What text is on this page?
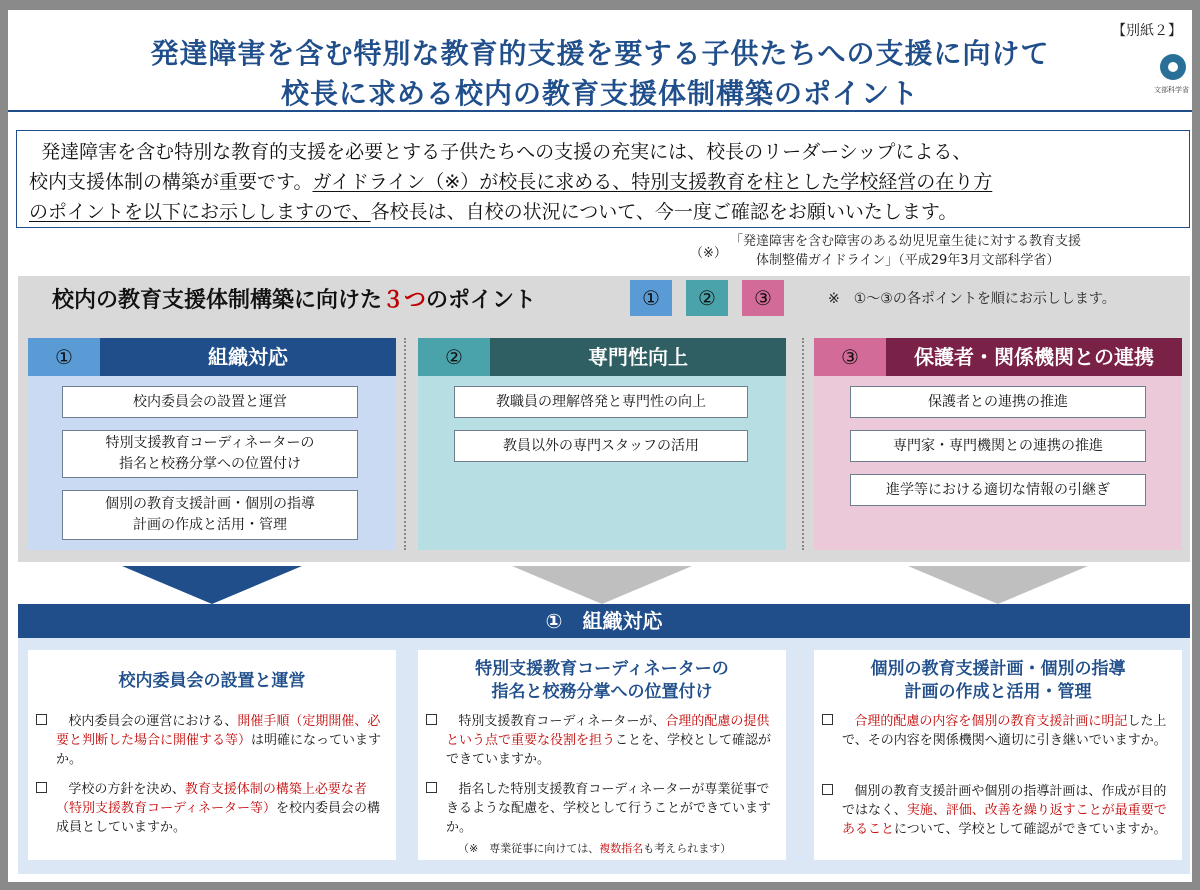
【別紙２】
発達障害を含む特別な教育的支援を要する子供たちへの支援に向けて
校長に求める校内の教育支援体制構築のポイント	文部科学省
発達障害を含む特別な教育的支援を必要とする子供たちへの支援の充実には、校長のリーダーシップによる、
校内支援体制の構築が重要です。ガイドライン（※）が校長に求める、特別支援教育を柱とした学校経営の在り方
のポイントを以下にお示ししますので、各校長は、自校の状況について、今一度ご確認をお願いいたします。
（※）
「発達障害を含む障害のある幼児児童生徒に対する教育支援
体制整備ガイドライン」（平成29年3月文部科学省）
校内の教育支援体制構築に向けた３つのポイント	①	②	③	※　①～③の各ポイントを順にお示しします。
①	組織対応
校内委員会の設置と運営
特別支援教育コーディネーターの
指名と校務分掌への位置付け
個別の教育支援計画・個別の指導
計画の作成と活用・管理
②	専門性向上
教職員の理解啓発と専門性の向上
教員以外の専門スタッフの活用
③	保護者・関係機関との連携
保護者との連携の推進
専門家・専門機関との連携の推進
進学等における適切な情報の引継ぎ
①　組織対応
校内委員会の設置と運営
校内委員会の運営における、開催手順（定期開催、必要と判断した場合に開催する等）は明確になっていますか。
学校の方針を決め、教育支援体制の構築上必要な者（特別支援教育コーディネーター等）を校内委員会の構成員としていますか。
特別支援教育コーディネーターの
指名と校務分掌への位置付け
特別支援教育コーディネーターが、合理的配慮の提供という点で重要な役割を担うことを、学校として確認ができていますか。
指名した特別支援教育コーディネーターが専業従事できるような配慮を、学校として行うことができていますか。
（※　専業従事に向けては、複数指名も考えられます）
個別の教育支援計画・個別の指導
計画の作成と活用・管理
合理的配慮の内容を個別の教育支援計画に明記した上で、その内容を関係機関へ適切に引き継いでいますか。
個別の教育支援計画や個別の指導計画は、作成が目的ではなく、実施、評価、改善を繰り返すことが最重要であることについて、学校として確認ができていますか。
